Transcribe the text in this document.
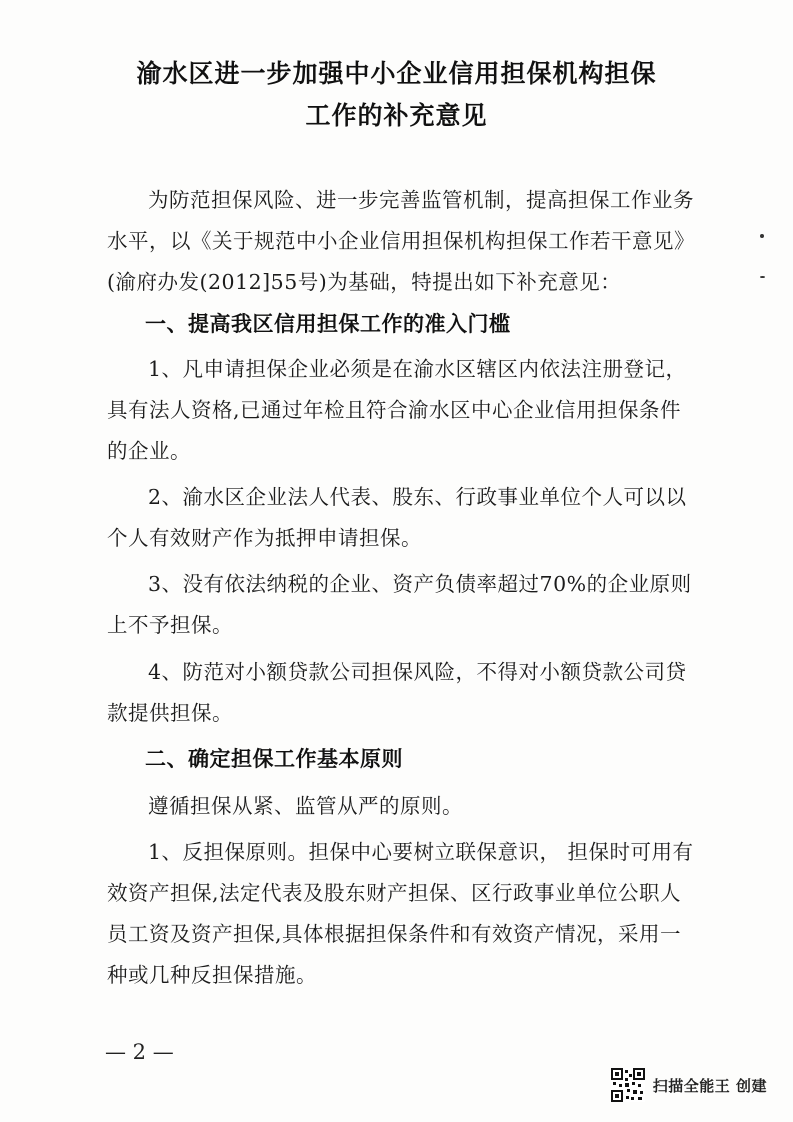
渝水区进一步加强中小企业信用担保机构担保
工作的补充意见
为防范担保风险、进一步完善监管机制，提高担保工作业务
水平，以《关于规范中小企业信用担保机构担保工作若干意见》
(渝府办发(2012]55号)为基础，特提出如下补充意见：
一、提高我区信用担保工作的准入门槛
1、凡申请担保企业必须是在渝水区辖区内依法注册登记，
具有法人资格,已通过年检且符合渝水区中心企业信用担保条件
的企业。
2、渝水区企业法人代表、股东、行政事业单位个人可以以
个人有效财产作为抵押申请担保。
3、没有依法纳税的企业、资产负债率超过70%的企业原则
上不予担保。
4、防范对小额贷款公司担保风险，不得对小额贷款公司贷
款提供担保。
二、确定担保工作基本原则
遵循担保从紧、监管从严的原则。
1、反担保原则。担保中心要树立联保意识， 担保时可用有
效资产担保,法定代表及股东财产担保、区行政事业单位公职人
员工资及资产担保,具体根据担保条件和有效资产情况，采用一
种或几种反担保措施。
— 2 —
扫描全能王 创建
